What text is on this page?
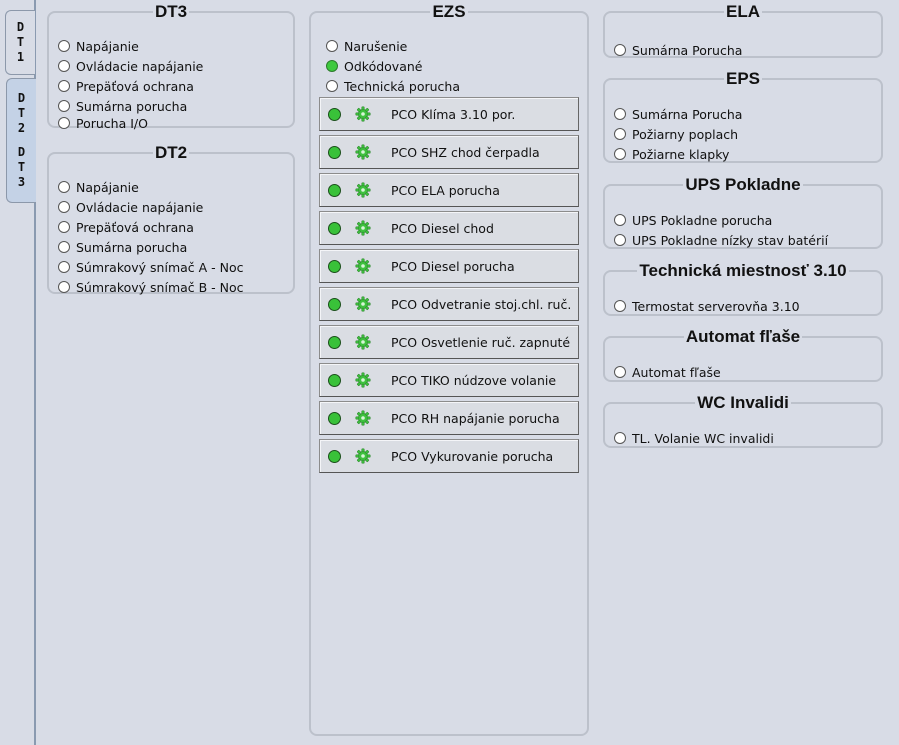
D
T
1
D
T
2
D
T
3
DT3
Napájanie
Ovládacie napájanie
Prepäťová ochrana
Sumárna porucha
Porucha I/O
DT2
Napájanie
Ovládacie napájanie
Prepäťová ochrana
Sumárna porucha
Súmrakový snímač A - Noc
Súmrakový snímač B - Noc
EZS
Narušenie
Odkódované
Technická porucha
PCO Klíma 3.10 por.
PCO SHZ chod čerpadla
PCO ELA porucha
PCO Diesel chod
PCO Diesel porucha
PCO Odvetranie stoj.chl. ruč.
PCO Osvetlenie ruč. zapnuté
PCO TIKO núdzove volanie
PCO RH napájanie porucha
PCO Vykurovanie porucha
ELA
Sumárna Porucha
EPS
Sumárna Porucha
Požiarny poplach
Požiarne klapky
UPS Pokladne
UPS Pokladne porucha
UPS Pokladne nízky stav batérií
Technická miestnosť 3.10
Termostat serverovňa 3.10
Automat fľaše
Automat fľaše
WC Invalidi
TL. Volanie WC invalidi
